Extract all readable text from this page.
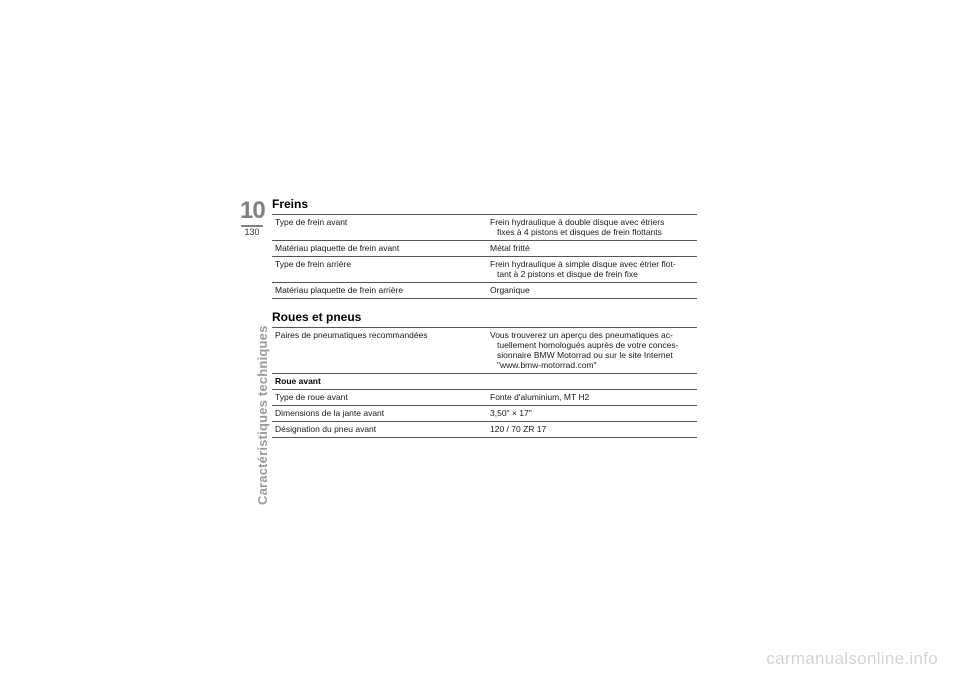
10
130
Caractéristiques techniques
Freins
Type de frein avant	Frein hydraulique à double disque avec étriers
fixes à 4 pistons et disques de frein flottants

Matériau plaquette de frein avant	Métal fritté
Type de frein arrière	Frein hydraulique à simple disque avec étrier flot-
tant à 2 pistons et disque de frein fixe

Matériau plaquette de frein arrière	Organique
Roues et pneus
Paires de pneumatiques recommandées	Vous trouverez un aperçu des pneumatiques ac-
tuellement homologués auprès de votre conces-
sionnaire BMW Motorrad ou sur le site Internet
"www.bmw-motorrad.com"

Roue avant	
Type de roue avant	Fonte d'aluminium, MT H2
Dimensions de la jante avant	3,50" × 17"
Désignation du pneu avant	120 / 70 ZR 17
carmanualsonline.info
